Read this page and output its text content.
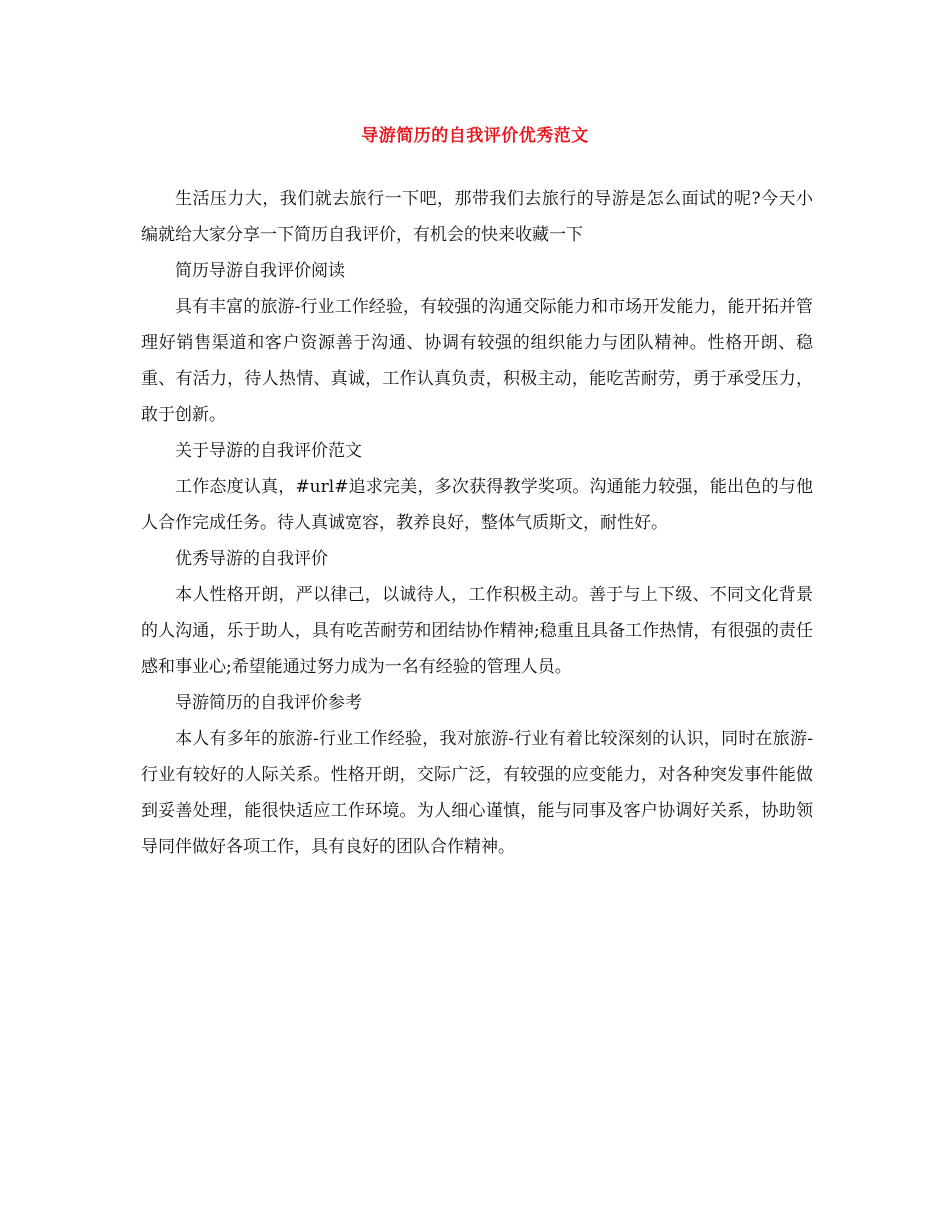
导游简历的自我评价优秀范文

生活压力大，我们就去旅行一下吧，那带我们去旅行的导游是怎么面试的呢?今天小编就给大家分享一下简历自我评价，有机会的快来收藏一下

简历导游自我评价阅读

具有丰富的旅游-行业工作经验，有较强的沟通交际能力和市场开发能力，能开拓并管理好销售渠道和客户资源善于沟通、协调有较强的组织能力与团队精神。性格开朗、稳重、有活力，待人热情、真诚，工作认真负责，积极主动，能吃苦耐劳，勇于承受压力，敢于创新。

关于导游的自我评价范文

工作态度认真，#url#追求完美，多次获得教学奖项。沟通能力较强，能出色的与他人合作完成任务。待人真诚宽容，教养良好，整体气质斯文，耐性好。

优秀导游的自我评价

本人性格开朗，严以律己，以诚待人，工作积极主动。善于与上下级、不同文化背景的人沟通，乐于助人，具有吃苦耐劳和团结协作精神;稳重且具备工作热情，有很强的责任感和事业心;希望能通过努力成为一名有经验的管理人员。

导游简历的自我评价参考

本人有多年的旅游-行业工作经验，我对旅游-行业有着比较深刻的认识，同时在旅游-行业有较好的人际关系。性格开朗，交际广泛，有较强的应变能力，对各种突发事件能做到妥善处理，能很快适应工作环境。为人细心谨慎，能与同事及客户协调好关系，协助领导同伴做好各项工作，具有良好的团队合作精神。
